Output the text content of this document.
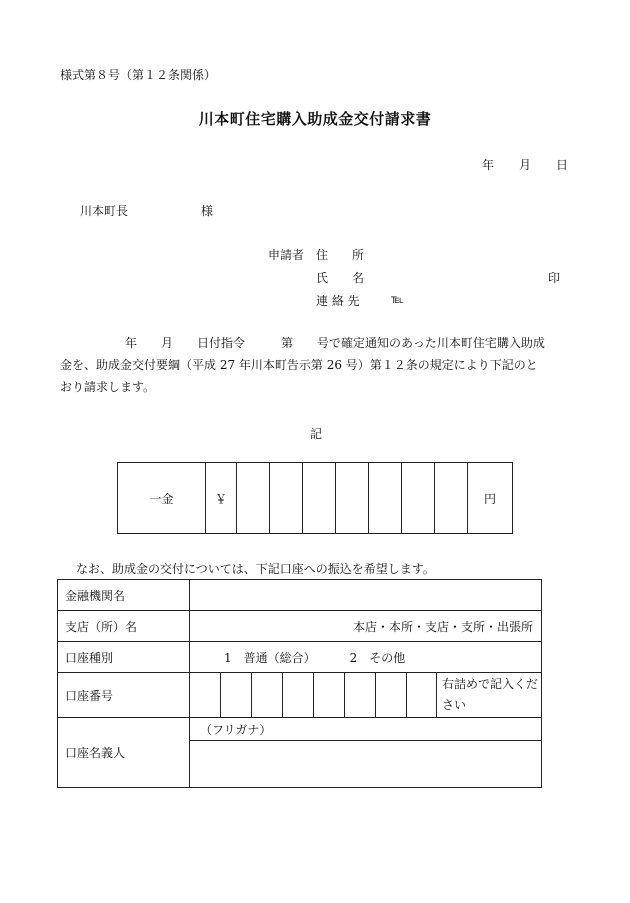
様式第８号（第１２条関係）
川本町住宅購入助成金交付請求書
年 月 日
川本町長	様
申請者 住　　所
氏　　名	印
連 絡 先	℡

年　　月　　日付指令　　　第　　号で確定通知のあった川本町住宅購入助成

金を、助成金交付要綱（平成 27 年川本町告示第 26 号）第１２条の規定により下記のと

おり請求します。

記
一金	￥								円
なお、助成金の交付については、下記口座への振込を希望します。
金融機関名									
支店（所）名	本店・本所・支店・支所・出張所								
口座種別	1　普通（総合） 2　その他								
口座番号									右詰めで記入ください
口座名義人	（フリガナ）								
